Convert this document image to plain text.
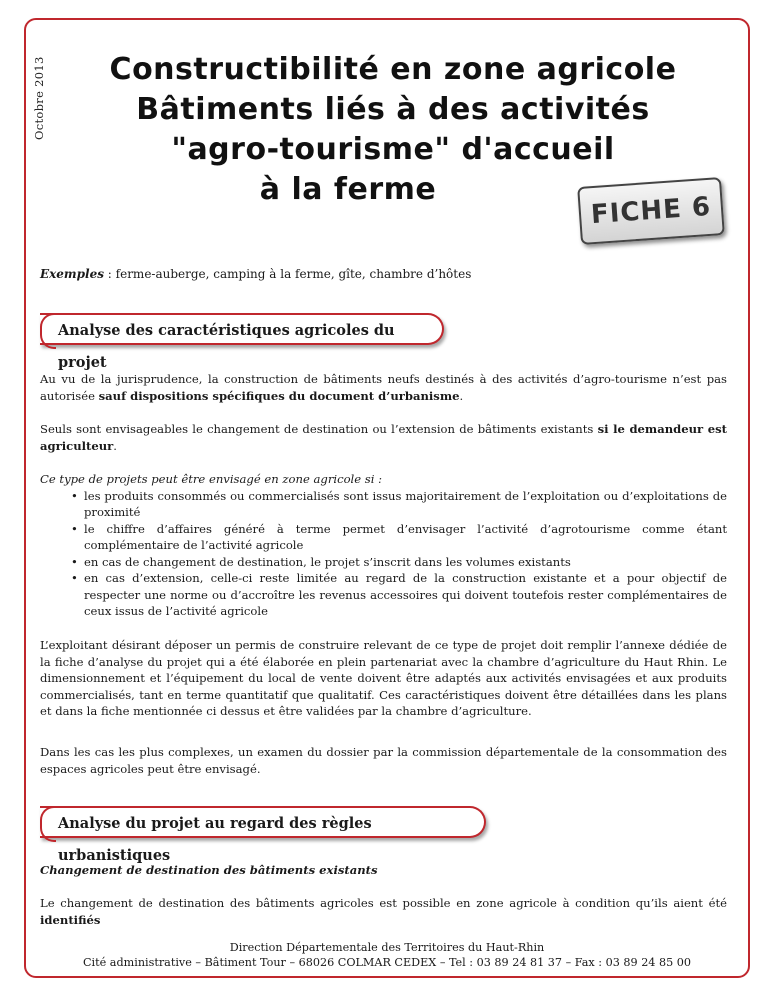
Octobre 2013	Constructibilité en zone agricole
Bâtiments liés à des activités
"agro-tourisme" d'accueil
à la ferme
FICHE 6
Exemples : ferme-auberge, camping à la ferme, gîte, chambre d’hôtes
Analyse des caractéristiques agricoles du projet
Au vu de la jurisprudence, la construction de bâtiments neufs destinés à des activités d’agro-tourisme n’est pas autorisée sauf dispositions spécifiques du document d’urbanisme.
Seuls sont envisageables le changement de destination ou l’extension de bâtiments existants si le demandeur est agriculteur.
Ce type de projets peut être envisagé en zone agricole si :
• les produits consommés ou commercialisés sont issus majoritairement de l’exploitation ou d’exploitations de proximité
• le chiffre d’affaires généré à terme permet d’envisager l’activité d’agrotourisme comme étant complémentaire de l’activité agricole
• en cas de changement de destination, le projet s’inscrit dans les volumes existants
• en cas d’extension, celle-ci reste limitée au regard de la construction existante et a pour objectif de respecter une norme ou d’accroître les revenus accessoires qui doivent toutefois rester complémentaires de ceux issus de l’activité agricole
L’exploitant désirant déposer un permis de construire relevant de ce type de projet doit remplir l’annexe dédiée de la fiche d’analyse du projet qui a été élaborée en plein partenariat avec la chambre d’agriculture du Haut Rhin. Le dimensionnement et l’équipement du local de vente doivent être adaptés aux activités envisagées et aux produits commercialisés, tant en terme quantitatif que qualitatif. Ces caractéristiques doivent être détaillées dans les plans et dans la fiche mentionnée ci dessus et être validées par la chambre d’agriculture.
Dans les cas les plus complexes, un examen du dossier par la commission départementale de la consommation des espaces agricoles peut être envisagé.
Analyse du projet au regard des règles urbanistiques
Changement de destination des bâtiments existants
Le changement de destination des bâtiments agricoles est possible en zone agricole à condition qu’ils aient été identifiés
Direction Départementale des Territoires du Haut-Rhin
Cité administrative – Bâtiment Tour – 68026 COLMAR CEDEX – Tel : 03 89 24 81 37 – Fax : 03 89 24 85 00
